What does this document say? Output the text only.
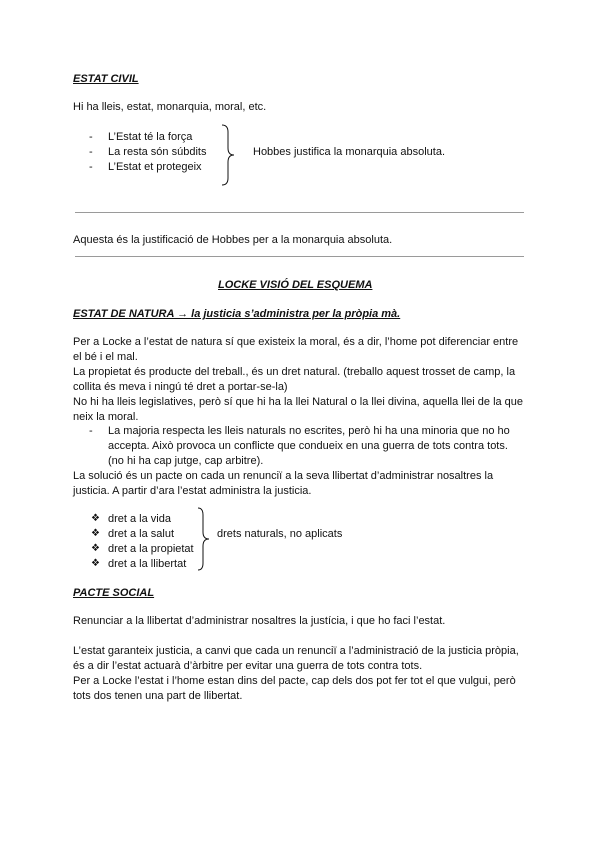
ESTAT CIVIL
Hi ha lleis, estat, monarquia, moral, etc.
- L’Estat té la força
- La resta són súbdits
- L’Estat et protegeix
Hobbes justifica la monarquia absoluta.
Aquesta és la justificació de Hobbes per a la monarquia absoluta.
LOCKE VISIÓ DEL ESQUEMA
ESTAT DE NATURA → la justicia s’administra per la pròpia mà.
Per a Locke a l’estat de natura sí que existeix la moral, és a dir, l’home pot diferenciar entre
el bé i el mal.
La propietat és producte del treball., és un dret natural. (treballo aquest trosset de camp, la
collita és meva i ningú té dret a portar-se-la)
No hi ha lleis legislatives, però sí que hi ha la llei Natural o la llei divina, aquella llei de la que
neix la moral.
- La majoria respecta les lleis naturals no escrites, però hi ha una minoria que no ho
accepta. Això provoca un conflicte que condueix en una guerra de tots contra tots.
(no hi ha cap jutge, cap arbitre).
La solució és un pacte on cada un renunciï a la seva llibertat d’administrar nosaltres la
justicia. A partir d’ara l’estat administra la justicia.
❖ dret a la vida
❖ dret a la salut
❖ dret a la propietat
❖ dret a la llibertat
drets naturals, no aplicats
PACTE SOCIAL
Renunciar a la llibertat d’administrar nosaltres la justícia, i que ho faci l’estat.
L’estat garanteix justicia, a canvi que cada un renunciï a l’administració de la justicia pròpia,
és a dir l’estat actuarà d’àrbitre per evitar una guerra de tots contra tots.
Per a Locke l’estat i l’home estan dins del pacte, cap dels dos pot fer tot el que vulgui, però
tots dos tenen una part de llibertat.
